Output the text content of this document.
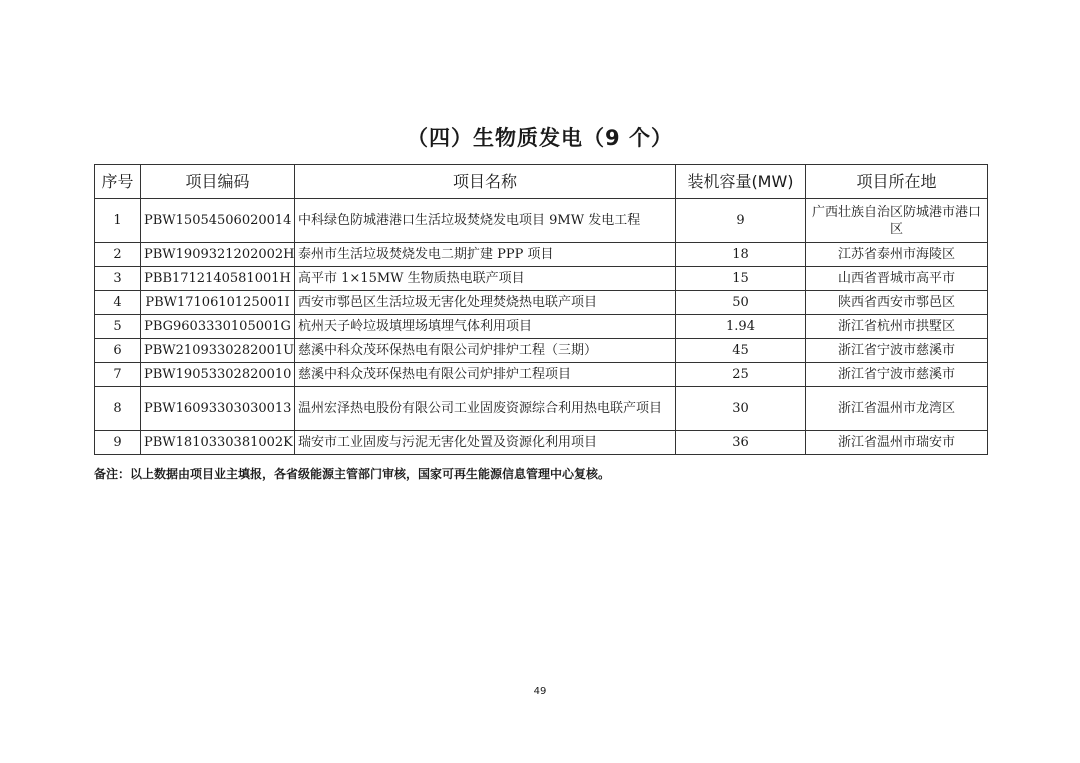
（四）生物质发电（9 个）
序号	项目编码	项目名称	装机容量(MW)	项目所在地
1	PBW15054506020014	中科绿色防城港港口生活垃圾焚烧发电项目 9MW 发电工程	9	广西壮族自治区防城港市港口区
2	PBW1909321202002H	泰州市生活垃圾焚烧发电二期扩建 PPP 项目	18	江苏省泰州市海陵区
3	PBB1712140581001H	高平市 1×15MW 生物质热电联产项目	15	山西省晋城市高平市
4	PBW1710610125001I	西安市鄠邑区生活垃圾无害化处理焚烧热电联产项目	50	陕西省西安市鄠邑区
5	PBG9603330105001G	杭州天子岭垃圾填埋场填埋气体利用项目	1.94	浙江省杭州市拱墅区
6	PBW2109330282001U	慈溪中科众茂环保热电有限公司炉排炉工程（三期）	45	浙江省宁波市慈溪市
7	PBW19053302820010	慈溪中科众茂环保热电有限公司炉排炉工程项目	25	浙江省宁波市慈溪市
8	PBW16093303030013	温州宏泽热电股份有限公司工业固废资源综合利用热电联产项目	30	浙江省温州市龙湾区
9	PBW1810330381002K	瑞安市工业固废与污泥无害化处置及资源化利用项目	36	浙江省温州市瑞安市
备注：以上数据由项目业主填报，各省级能源主管部门审核，国家可再生能源信息管理中心复核。
49
